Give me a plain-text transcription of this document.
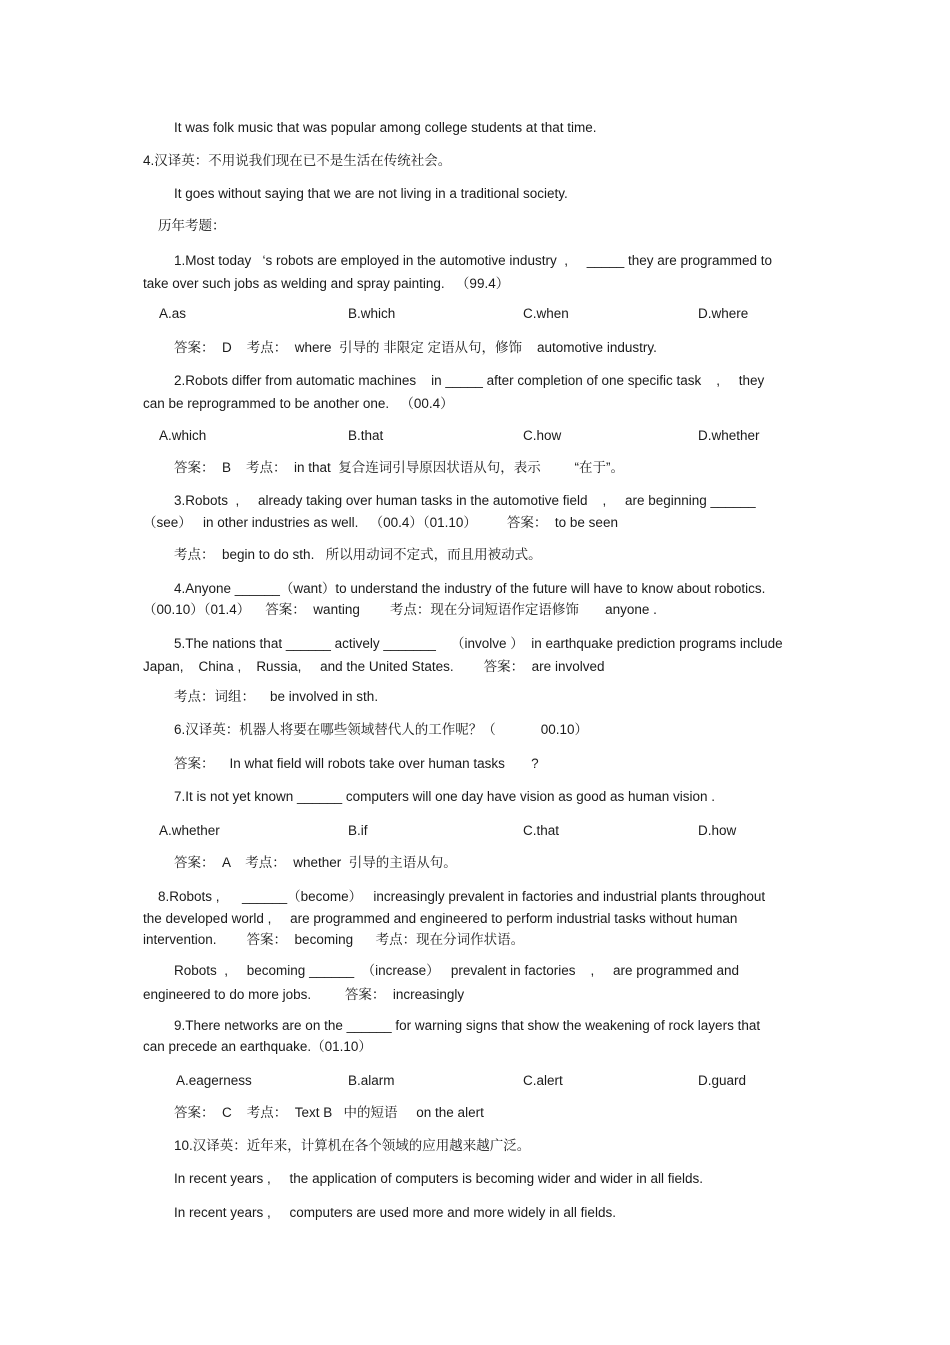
It was folk music that was popular among college students at that time.
4.汉译英：不用说我们现在已不是生活在传统社会。
It goes without saying that we are not living in a traditional society.
历年考题：
1.Most today   ‘s robots are employed in the automotive industry  ,     _____ they are programmed to
take over such jobs as welding and spray painting.   （99.4）
答案：  D    考点：  where  引导的 非限定 定语从句，修饰    automotive industry.
2.Robots differ from automatic machines    in _____ after completion of one specific task    ,     they
can be reprogrammed to be another one.   （00.4）
答案：  B    考点：  in that  复合连词引导原因状语从句，表示         “在于”。
3.Robots  ,     already taking over human tasks in the automotive field    ,     are beginning ______
（see）   in other industries as well.   （00.4）（01.10）        答案：  to be seen
考点：  begin to do sth.   所以用动词不定式，而且用被动式。
4.Anyone ______（want）to understand the industry of the future will have to know about robotics.
（00.10）（01.4）    答案：  wanting        考点：现在分词短语作定语修饰       anyone .
5.The nations that ______ actively _______    （involve ）  in earthquake prediction programs include
Japan,    China ,    Russia,     and the United States.        答案：  are involved
考点：词组：    be involved in sth.
6.汉译英：机器人将要在哪些领域替代人的工作呢？（            00.10）
答案：    In what field will robots take over human tasks       ?
7.It is not yet known ______ computers will one day have vision as good as human vision .
答案：  A    考点：  whether  引导的主语从句。
8.Robots ,      ______（become）   increasingly prevalent in factories and industrial plants throughout
the developed world ,     are programmed and engineered to perform industrial tasks without human
intervention.        答案：  becoming      考点：现在分词作状语。
Robots  ,     becoming ______  （increase）   prevalent in factories    ,     are programmed and
engineered to do more jobs.         答案：  increasingly
9.There networks are on the ______ for warning signs that show the weakening of rock layers that
can precede an earthquake.（01.10）
答案：  C    考点：  Text B   中的短语     on the alert
10.汉译英：近年来，计算机在各个领域的应用越来越广泛。
In recent years ,     the application of computers is becoming wider and wider in all fields.
In recent years ,     computers are used more and more widely in all fields.
A.as	B.which	C.when	D.where
A.which	B.that	C.how	D.whether
A.whether	B.if	C.that	D.how
A.eagerness	B.alarm	C.alert	D.guard
